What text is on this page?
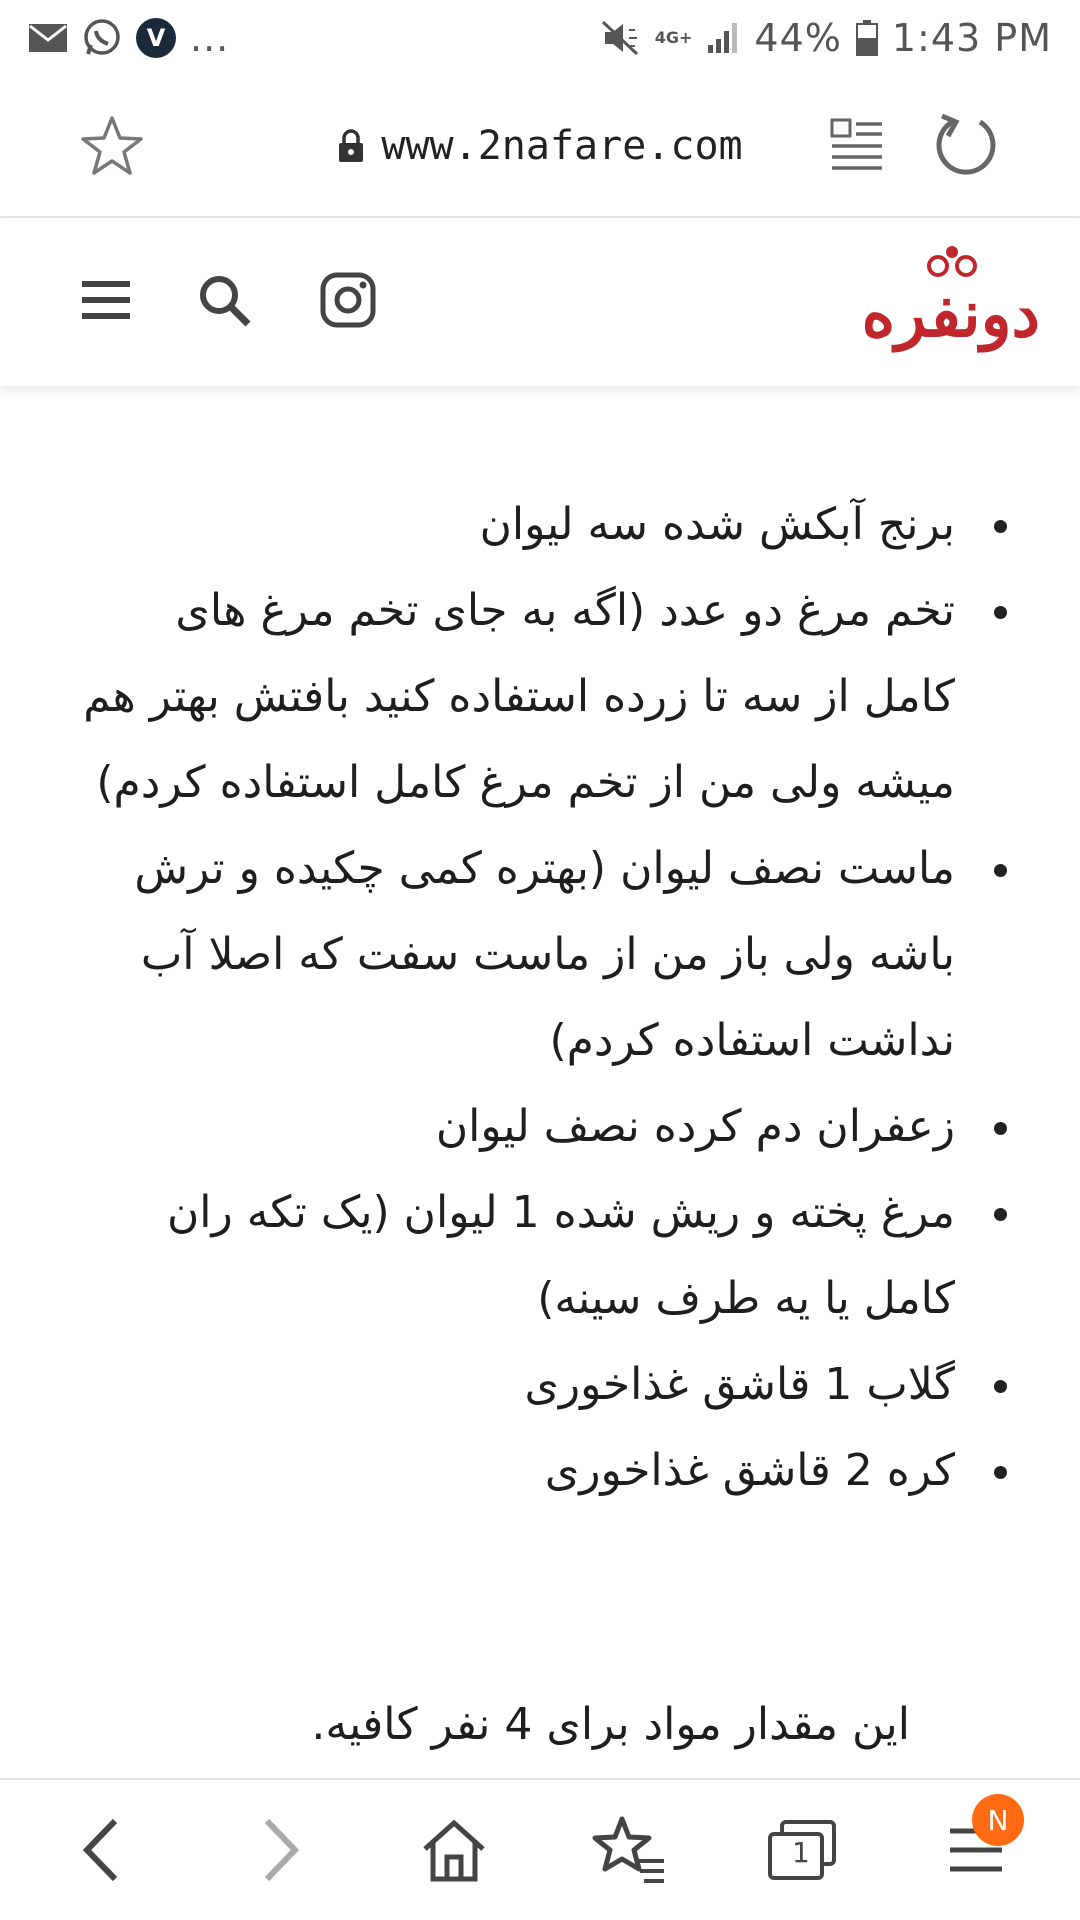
V ...	4G+ 44% 1:43 PM
www.2nafare.com
دونفره
برنج آبکش شده سه لیوان
تخم مرغ دو عدد (اگه به جای تخم مرغ های کامل از سه تا زرده استفاده کنید بافتش بهتر هم میشه ولی من از تخم مرغ کامل استفاده کردم)
ماست نصف لیوان (بهتره کمی چکیده و ترش باشه ولی باز من از ماست سفت که اصلا آب نداشت استفاده کردم)
زعفران دم کرده نصف لیوان
مرغ پخته و ریش شده 1 لیوان (یک تکه ران کامل یا یه طرف سینه)
گلاب 1 قاشق غذاخوری
کره 2 قاشق غذاخوری

این مقدار مواد برای 4 نفر کافیه.

1
N
